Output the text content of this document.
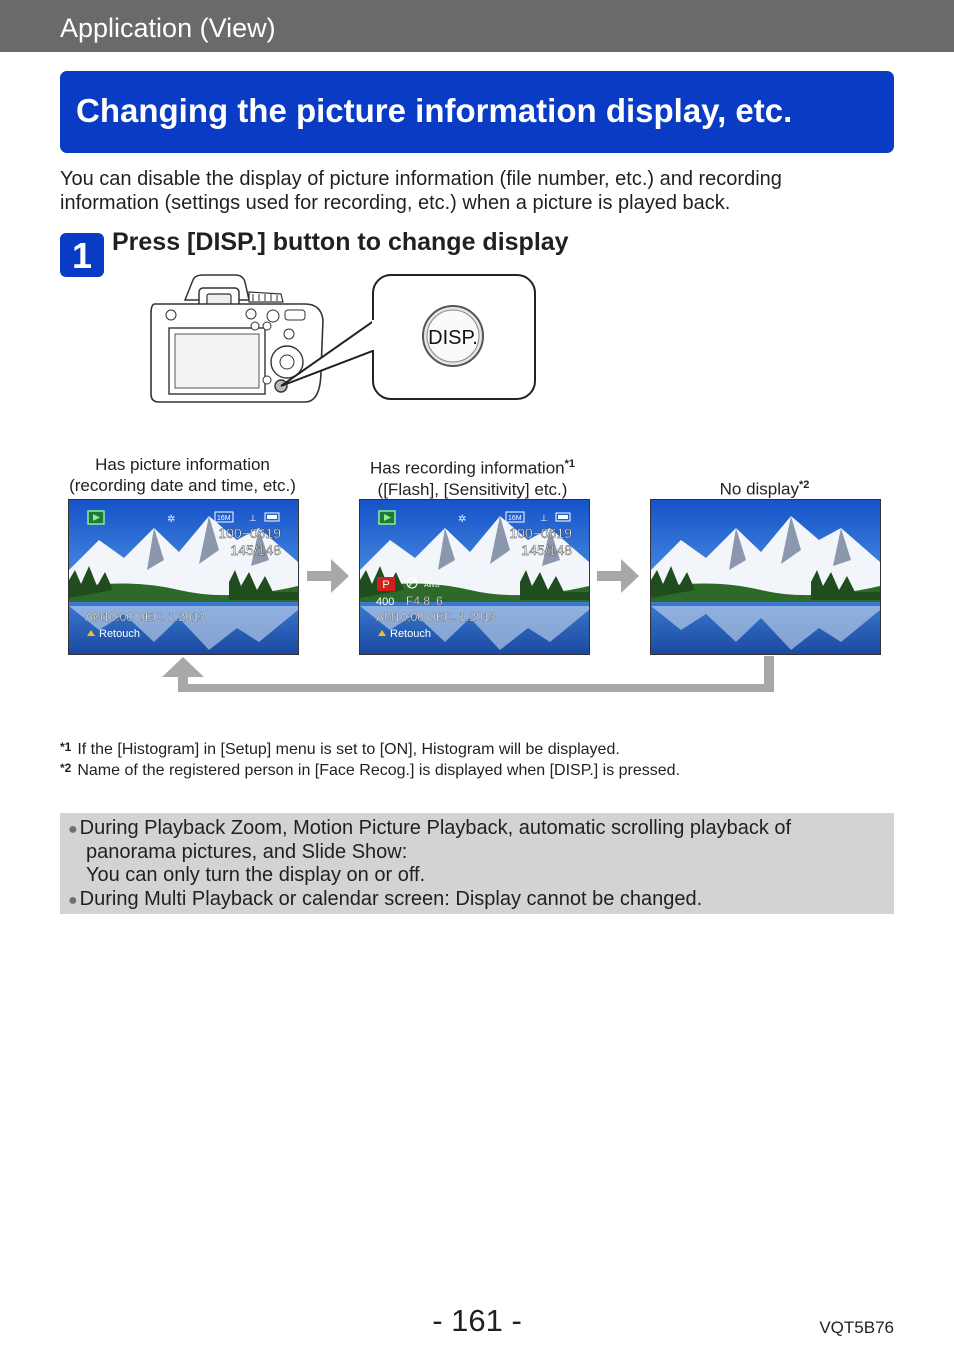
Application (View)
Changing the picture information display, etc.
You can disable the display of picture information (file number, etc.) and recording
information (settings used for recording, etc.) when a picture is played back.
1 Press [DISP.] button to change display
DISP.
Has picture information
(recording date and time, etc.)
Has recording information$^{*1}$
([Flash], [Sensitivity] etc.)	No display$^{*2}$
✲	16M ⊥
100−0619
145/148
AM10:00 DEC. 1.2013
Retouch
✲	16M ⊥
100−0619
145/148
P	AWB
400 F4.8 6
AM10:00 DEC. 1.2013
Retouch
*1 If the [Histogram] in [Setup] menu is set to [ON], Histogram will be displayed.
*2 Name of the registered person in [Face Recog.] is displayed when [DISP.] is pressed.
● During Playback Zoom, Motion Picture Playback, automatic scrolling playback of
panorama pictures, and Slide Show:
You can only turn the display on or off.
● During Multi Playback or calendar screen: Display cannot be changed.
- 161 -	VQT5B76
